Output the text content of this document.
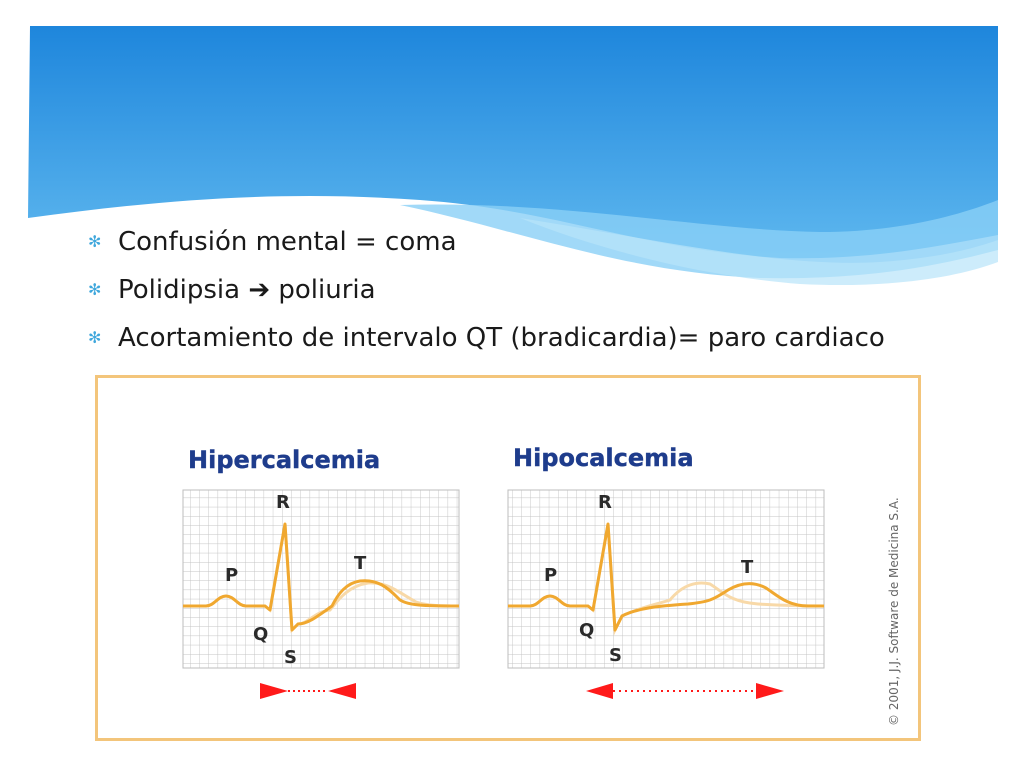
✻ Confusión mental = coma
✻ Polidipsia ➔ poliuria
✻ Acortamiento de intervalo QT (bradicardia)= paro cardiaco
Hipercalcemia
R
P
T
Q
S
Hipocalcemia
R
P	T
Q
S	© 2001, J.J. Software de Medicina S.A.
